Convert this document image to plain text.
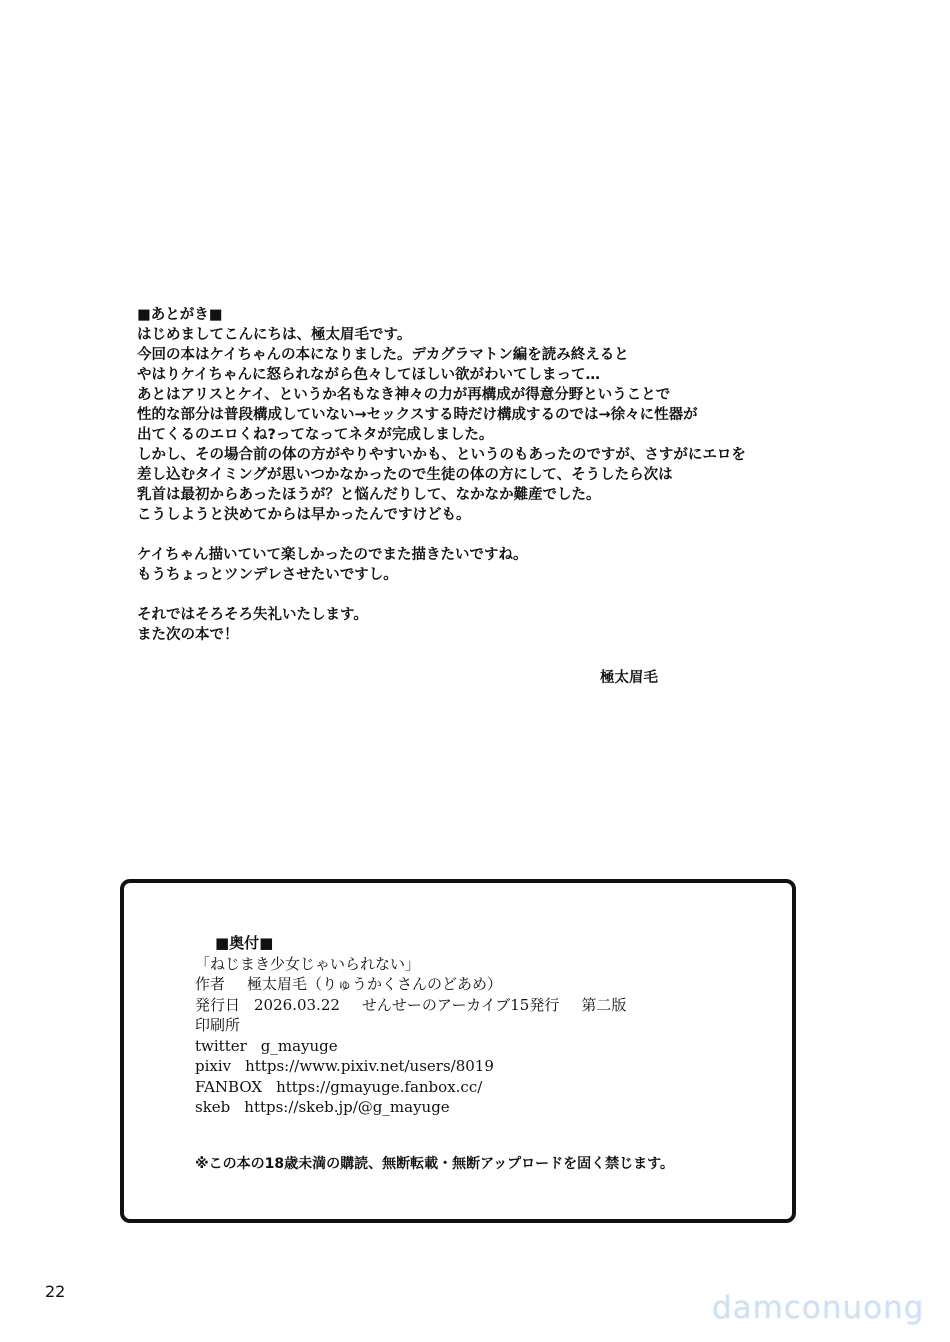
■あとがき■
はじめましてこんにちは、極太眉毛です。
今回の本はケイちゃんの本になりました。デカグラマトン編を読み終えると
やはりケイちゃんに怒られながら色々してほしい欲がわいてしまって…
あとはアリスとケイ、というか名もなき神々の力が再構成が得意分野ということで
性的な部分は普段構成していない→セックスする時だけ構成するのでは→徐々に性器が
出てくるのエロくね?ってなってネタが完成しました。
しかし、その場合前の体の方がやりやすいかも、というのもあったのですが、さすがにエロを
差し込むタイミングが思いつかなかったので生徒の体の方にして、そうしたら次は
乳首は最初からあったほうが？と悩んだりして、なかなか難産でした。
こうしようと決めてからは早かったんですけども。
ケイちゃん描いていて楽しかったのでまた描きたいですね。
もうちょっとツンデレさせたいですし。
それではそろそろ失礼いたします。
また次の本で！
極太眉毛
■奥付■
「ねじまき少女じゃいられない」
作者 極太眉毛（りゅうかくさんのどあめ）
発行日 2026.03.22 せんせーのアーカイブ15発行 第二版
印刷所
twitter g_mayuge
pixiv https://www.pixiv.net/users/8019
FANBOX https://gmayuge.fanbox.cc/
skeb https://skeb.jp/@g_mayuge
※この本の18歳未満の購読、無断転載・無断アップロードを固く禁じます。
22	damconuong
